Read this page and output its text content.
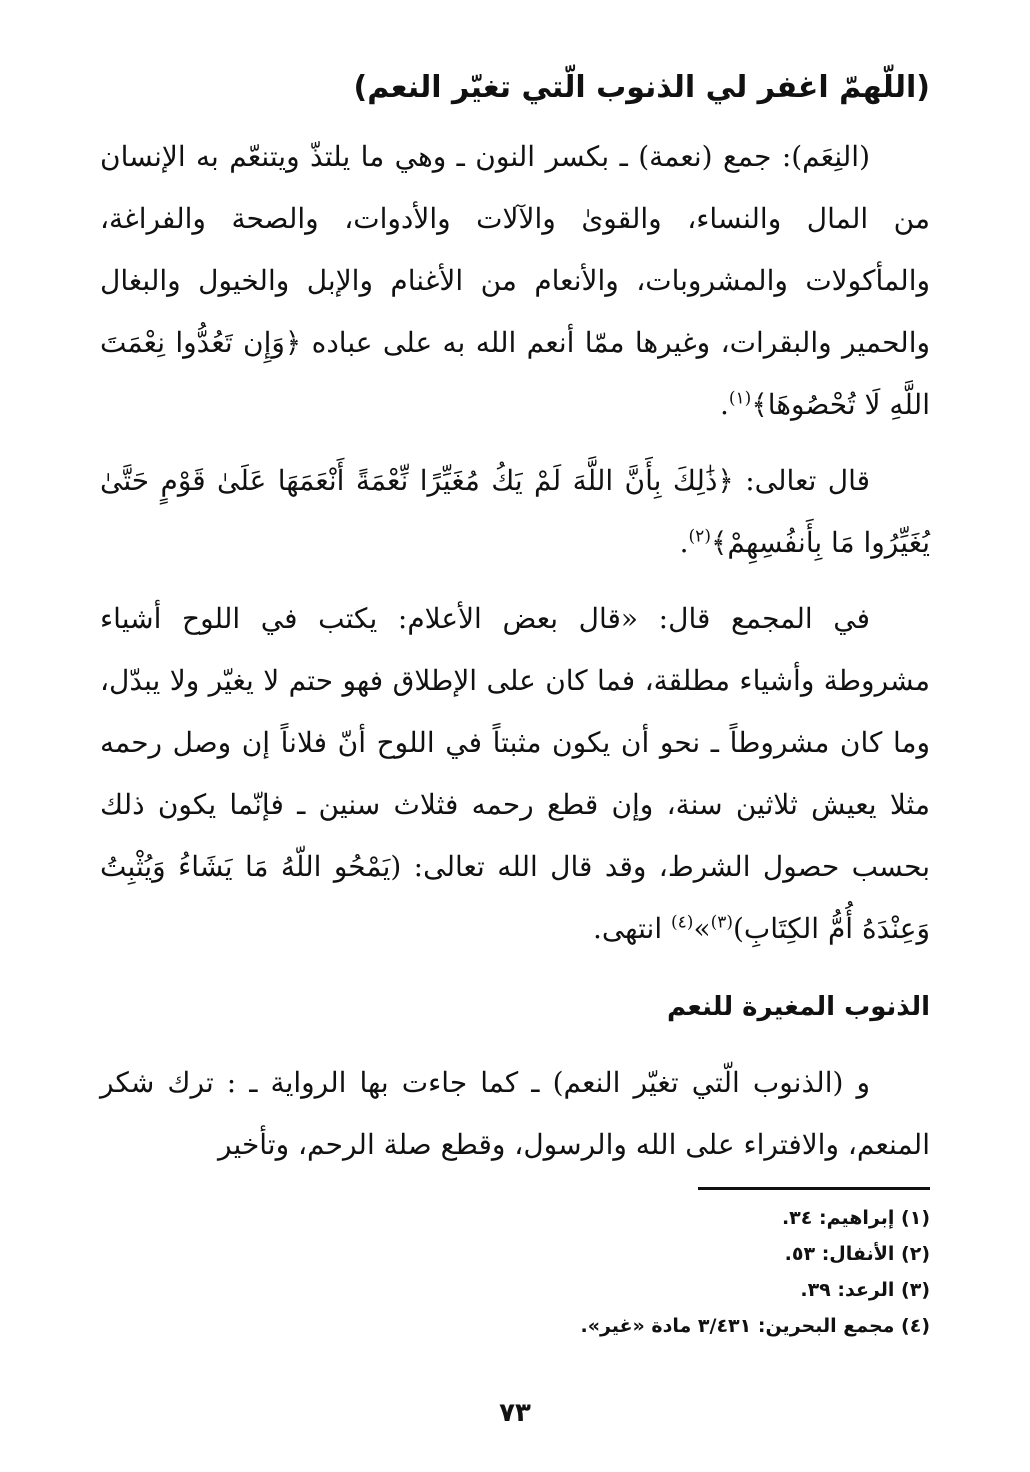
(اللّهمّ اغفر لي الذنوب الّتي تغيّر النعم)

(النِعَم): جمع (نعمة) ـ بكسر النون ـ وهي ما يلتذّ ويتنعّم به الإنسان من المال والنساء، والقوىٰ والآلات والأدوات، والصحة والفراغة، والمأكولات والمشروبات، والأنعام من الأغنام والإبل والخيول والبغال والحمير والبقرات، وغيرها ممّا أنعم الله به على عباده ﴿وَإِن تَعُدُّوا نِعْمَتَ اللَّهِ لَا تُحْصُوهَا﴾$^{(١)}$.

قال تعالى: ﴿ذَٰلِكَ بِأَنَّ اللَّهَ لَمْ يَكُ مُغَيِّرًا نِّعْمَةً أَنْعَمَهَا عَلَىٰ قَوْمٍ حَتَّىٰ يُغَيِّرُوا مَا بِأَنفُسِهِمْ﴾$^{(٢)}$.

في المجمع قال: «قال بعض الأعلام: يكتب في اللوح أشياء مشروطة وأشياء مطلقة، فما كان على الإطلاق فهو حتم لا يغيّر ولا يبدّل، وما كان مشروطاً ـ نحو أن يكون مثبتاً في اللوح أنّ فلاناً إن وصل رحمه مثلا يعيش ثلاثين سنة، وإن قطع رحمه فثلاث سنين ـ فإنّما يكون ذلك بحسب حصول الشرط، وقد قال الله تعالى: (يَمْحُو اللّهُ مَا يَشَاءُ وَيُثْبِتُ وَعِنْدَهُ أُمُّ الكِتَابِ)$^{(٣)}$»$^{(٤)}$ انتهى.

الذنوب المغيرة للنعم

و (الذنوب الّتي تغيّر النعم) ـ كما جاءت بها الرواية ـ : ترك شكر المنعم، والافتراء على الله والرسول، وقطع صلة الرحم، وتأخير

(١) إبراهيم: ٣٤.
(٢) الأنفال: ٥٣.
(٣) الرعد: ٣٩.
(٤) مجمع البحرين: ٣/٤٣١ مادة «غير».
٧٣
